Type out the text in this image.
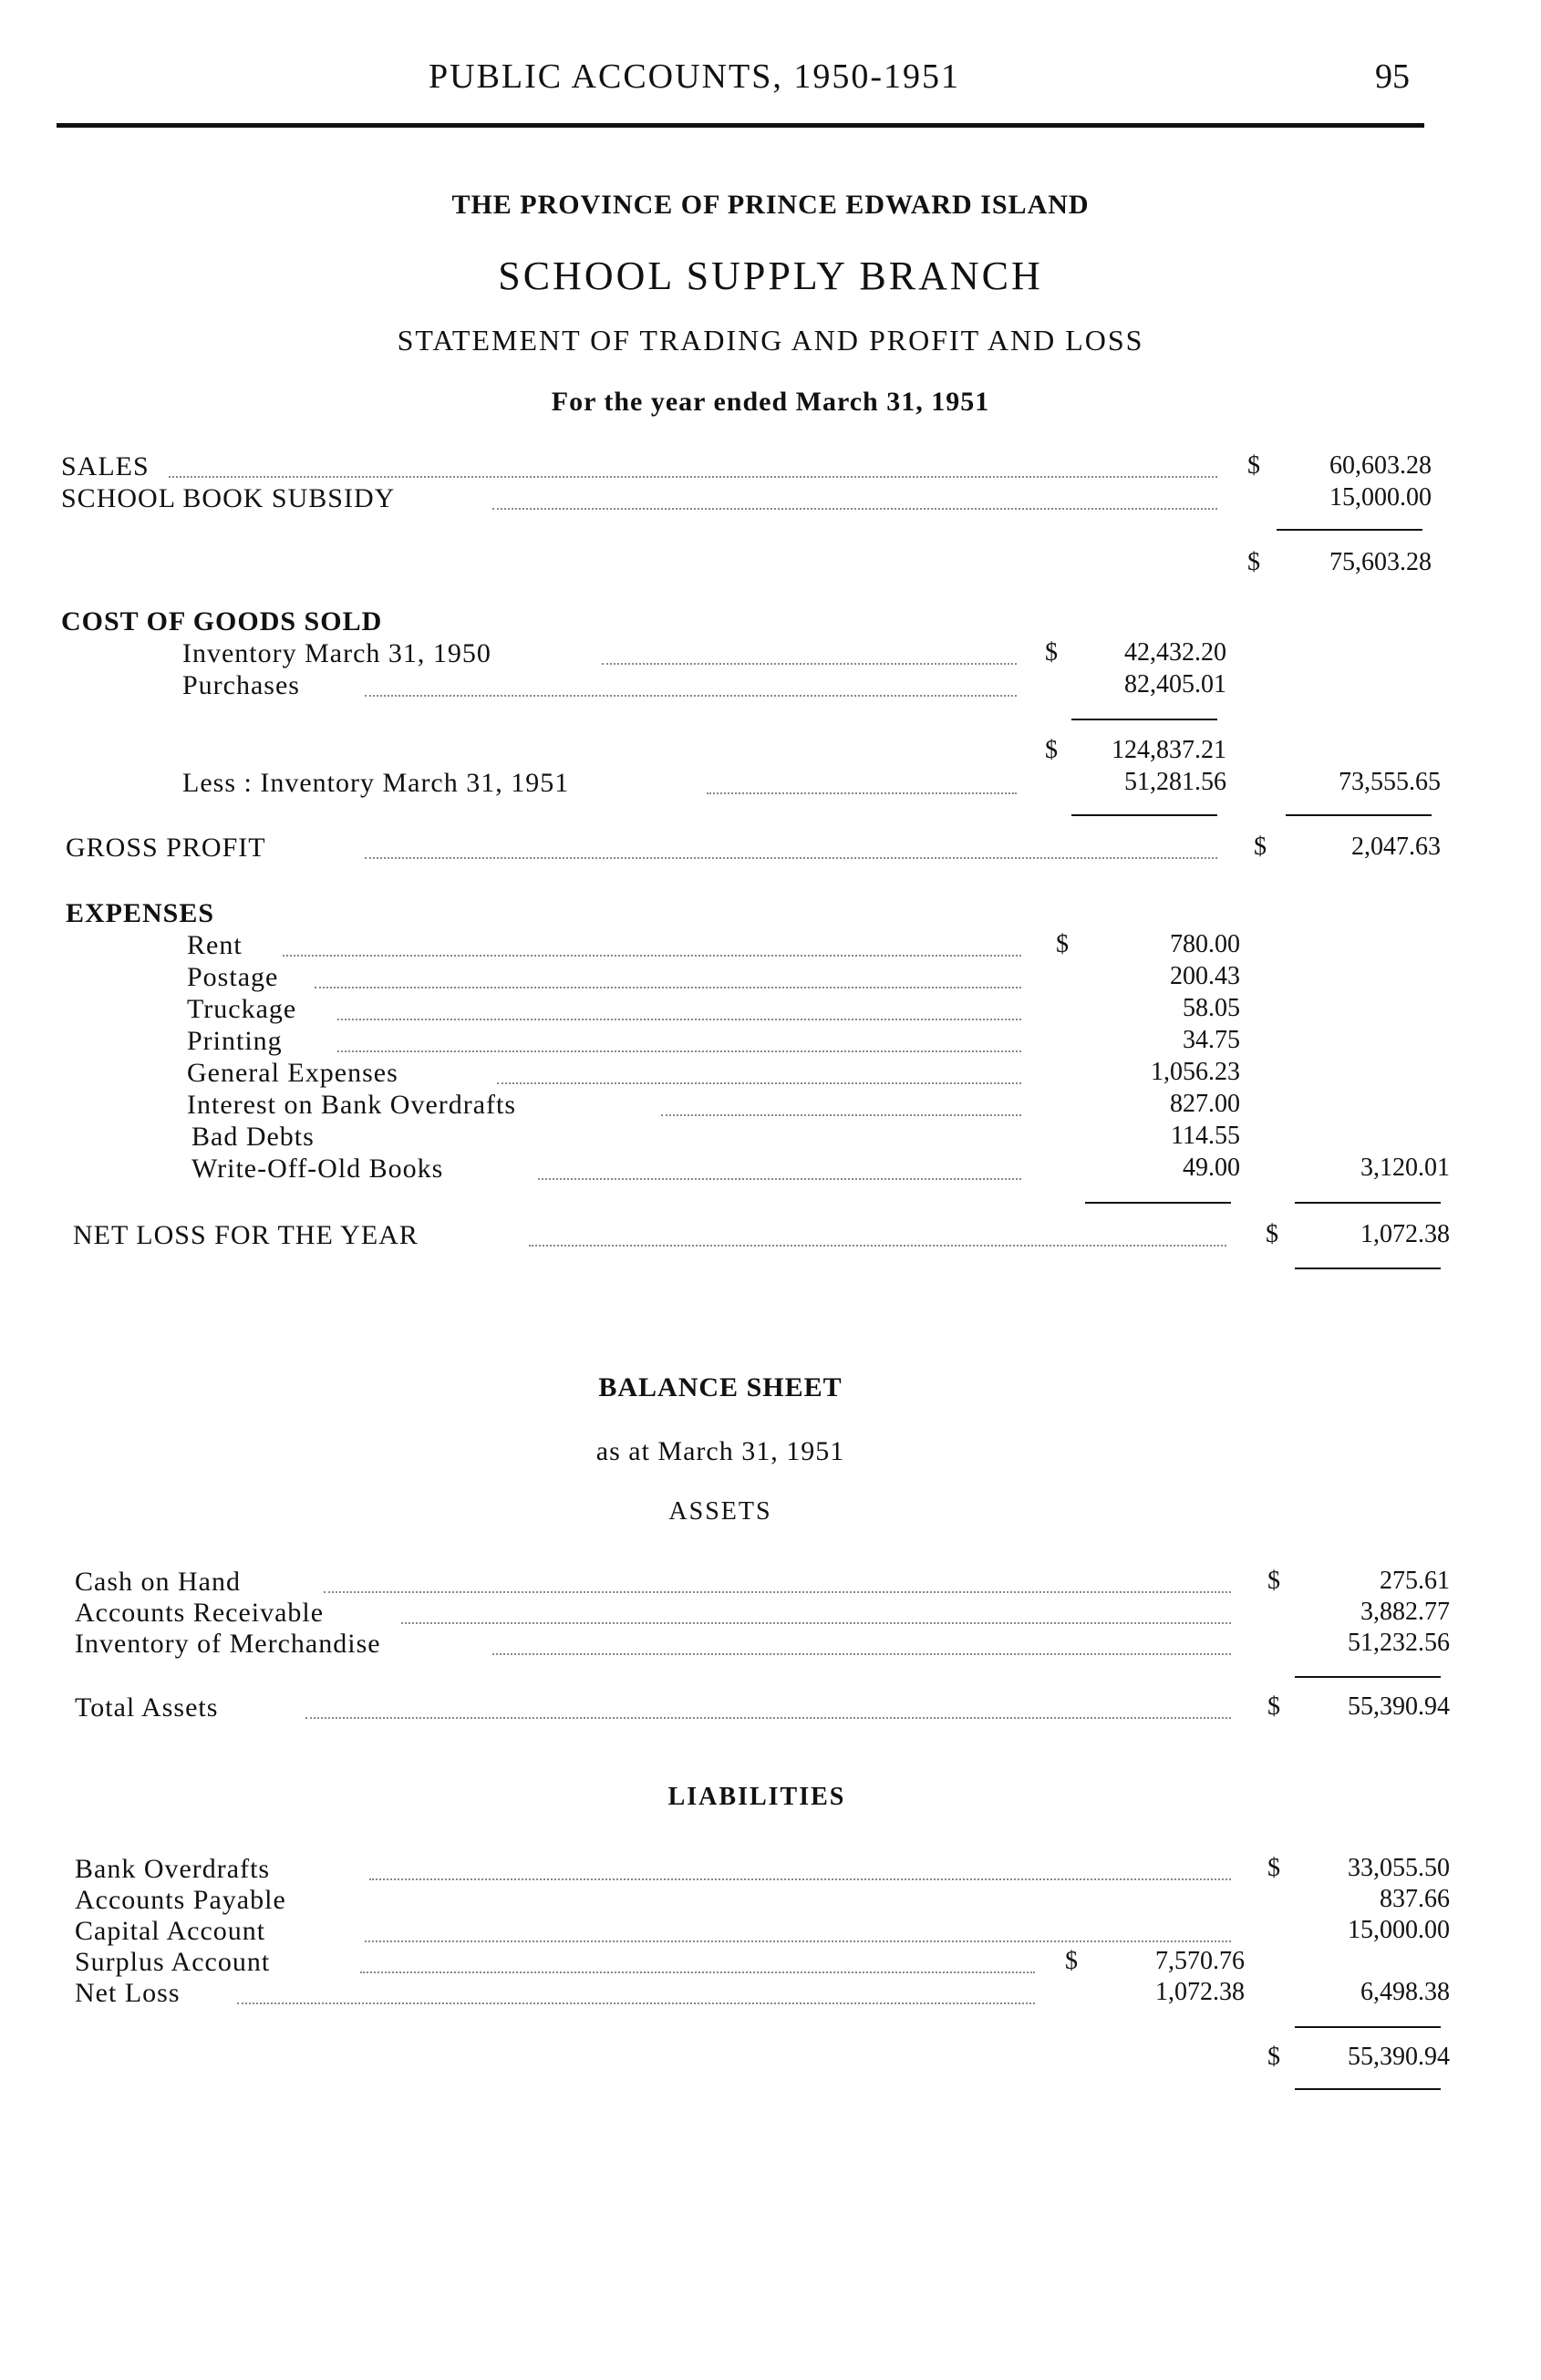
PUBLIC ACCOUNTS, 1950-1951	95
THE PROVINCE OF PRINCE EDWARD ISLAND
SCHOOL SUPPLY BRANCH
STATEMENT OF TRADING AND PROFIT AND LOSS
For the year ended March 31, 1951
SALES	$	60,603.28
SCHOOL BOOK SUBSIDY	15,000.00
$	75,603.28
COST OF GOODS SOLD
Inventory March 31, 1950	$	42,432.20
Purchases	82,405.01
$	124,837.21
Less : Inventory March 31, 1951	51,281.56	73,555.65
GROSS PROFIT	$	2,047.63
EXPENSES
Rent	$	780.00
Postage	200.43
Truckage	58.05
Printing	34.75
General Expenses	1,056.23
Interest on Bank Overdrafts	827.00
Bad Debts	114.55
Write-Off-Old Books	49.00	3,120.01
NET LOSS FOR THE YEAR	$	1,072.38
BALANCE SHEET
as at March 31, 1951
ASSETS
Cash on Hand	$	275.61
Accounts Receivable	3,882.77
Inventory of Merchandise	51,232.56
Total Assets	$	55,390.94
LIABILITIES
Bank Overdrafts	$	33,055.50
Accounts Payable	837.66
Capital Account	15,000.00
Surplus Account	$	7,570.76
Net Loss	1,072.38	6,498.38
$	55,390.94
